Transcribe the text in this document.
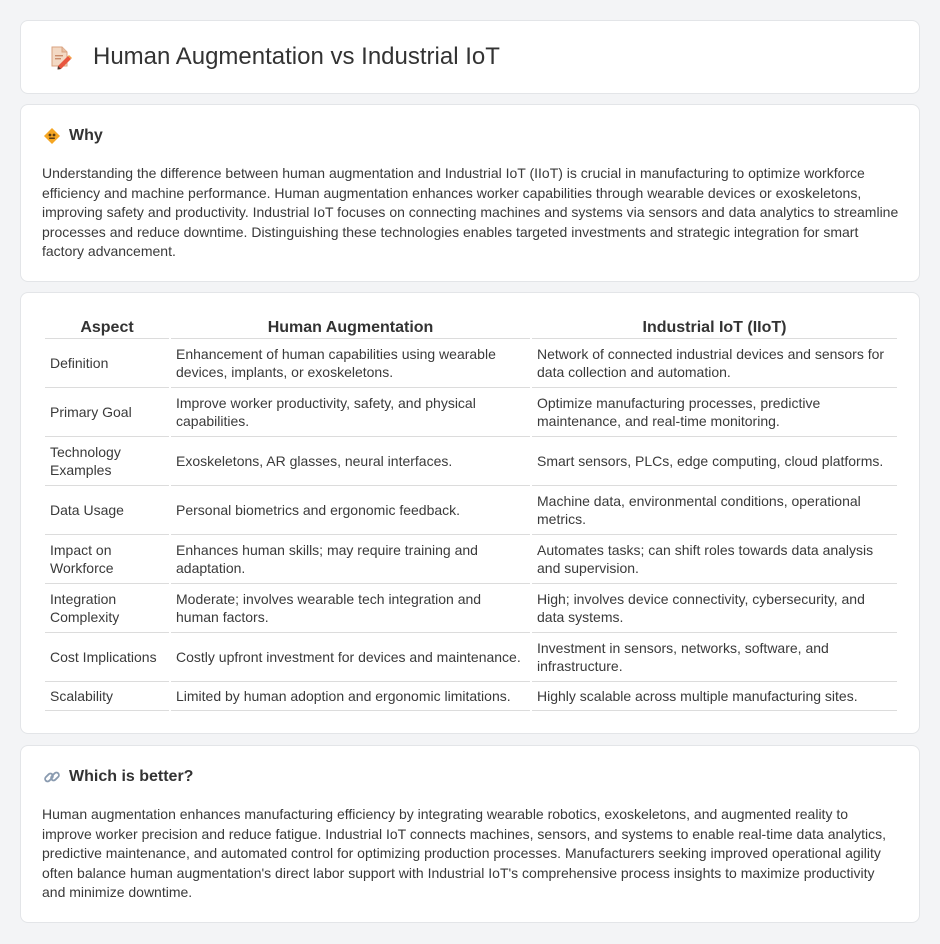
Human Augmentation vs Industrial IoT
Why

Understanding the difference between human augmentation and Industrial IoT (IIoT) is crucial in manufacturing to optimize workforce efficiency and machine performance. Human augmentation enhances worker capabilities through wearable devices or exoskeletons, improving safety and productivity. Industrial IoT focuses on connecting machines and systems via sensors and data analytics to streamline processes and reduce downtime. Distinguishing these technologies enables targeted investments and strategic integration for smart factory advancement.

Aspect	Human Augmentation	Industrial IoT (IIoT)
Definition	Enhancement of human capabilities using wearable devices, implants, or exoskeletons.	Network of connected industrial devices and sensors for data collection and automation.
Primary Goal	Improve worker productivity, safety, and physical capabilities.	Optimize manufacturing processes, predictive maintenance, and real-time monitoring.
Technology Examples	Exoskeletons, AR glasses, neural interfaces.	Smart sensors, PLCs, edge computing, cloud platforms.
Data Usage	Personal biometrics and ergonomic feedback.	Machine data, environmental conditions, operational metrics.
Impact on Workforce	Enhances human skills; may require training and adaptation.	Automates tasks; can shift roles towards data analysis and supervision.
Integration Complexity	Moderate; involves wearable tech integration and human factors.	High; involves device connectivity, cybersecurity, and data systems.
Cost Implications	Costly upfront investment for devices and maintenance.	Investment in sensors, networks, software, and infrastructure.
Scalability	Limited by human adoption and ergonomic limitations.	Highly scalable across multiple manufacturing sites.
Which is better?

Human augmentation enhances manufacturing efficiency by integrating wearable robotics, exoskeletons, and augmented reality to improve worker precision and reduce fatigue. Industrial IoT connects machines, sensors, and systems to enable real-time data analytics, predictive maintenance, and automated control for optimizing production processes. Manufacturers seeking improved operational agility often balance human augmentation's direct labor support with Industrial IoT's comprehensive process insights to maximize productivity and minimize downtime.
